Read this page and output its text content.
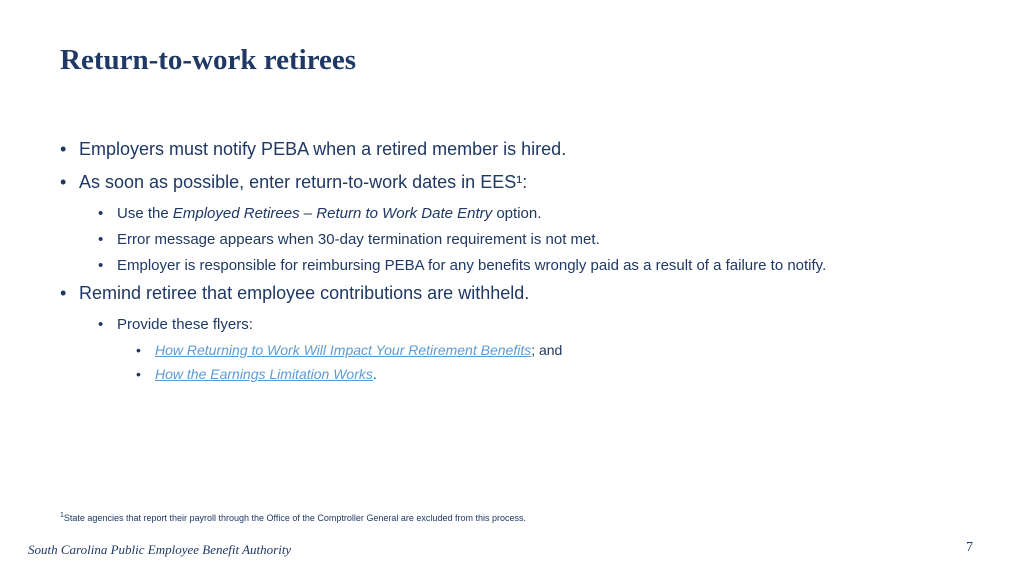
Return-to-work retirees
• Employers must notify PEBA when a retired member is hired.
• As soon as possible, enter return-to-work dates in EES¹:
• Use the Employed Retirees – Return to Work Date Entry option.
• Error message appears when 30-day termination requirement is not met.
• Employer is responsible for reimbursing PEBA for any benefits wrongly paid as a result of a failure to notify.
• Remind retiree that employee contributions are withheld.
• Provide these flyers:
• How Returning to Work Will Impact Your Retirement Benefits; and
• How the Earnings Limitation Works.
$^1$State agencies that report their payroll through the Office of the Comptroller General are excluded from this process.
South Carolina Public Employee Benefit Authority	7
